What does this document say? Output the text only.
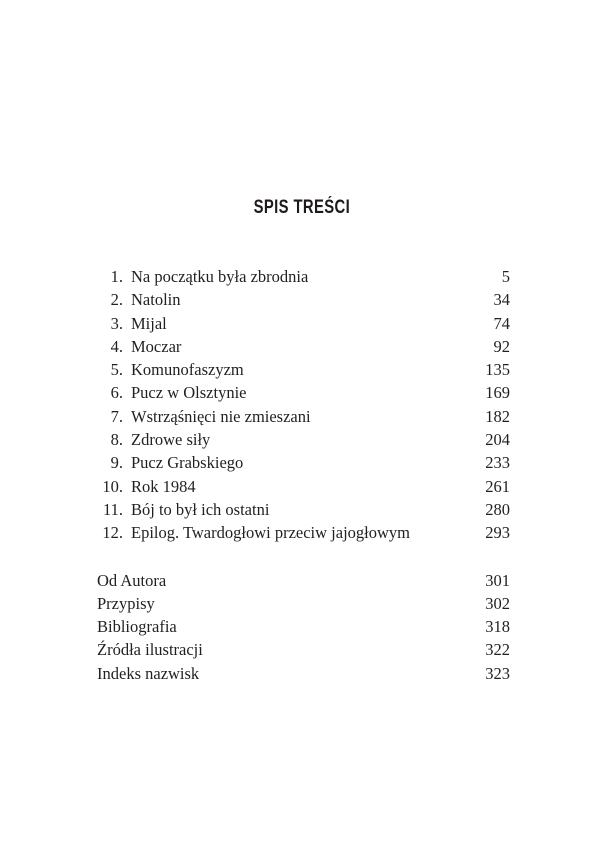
SPIS TREŚCI
1. Na początku była zbrodnia	5
2. Natolin	34
3. Mijal	74
4. Moczar	92
5. Komunofaszyzm	135
6. Pucz w Olsztynie	169
7. Wstrząśnięci nie zmieszani	182
8. Zdrowe siły	204
9. Pucz Grabskiego	233
10. Rok 1984	261
11. Bój to był ich ostatni	280
12. Epilog. Twardogłowi przeciw jajogłowym	293
Od Autora	301
Przypisy	302
Bibliografia	318
Źródła ilustracji	322
Indeks nazwisk	323
